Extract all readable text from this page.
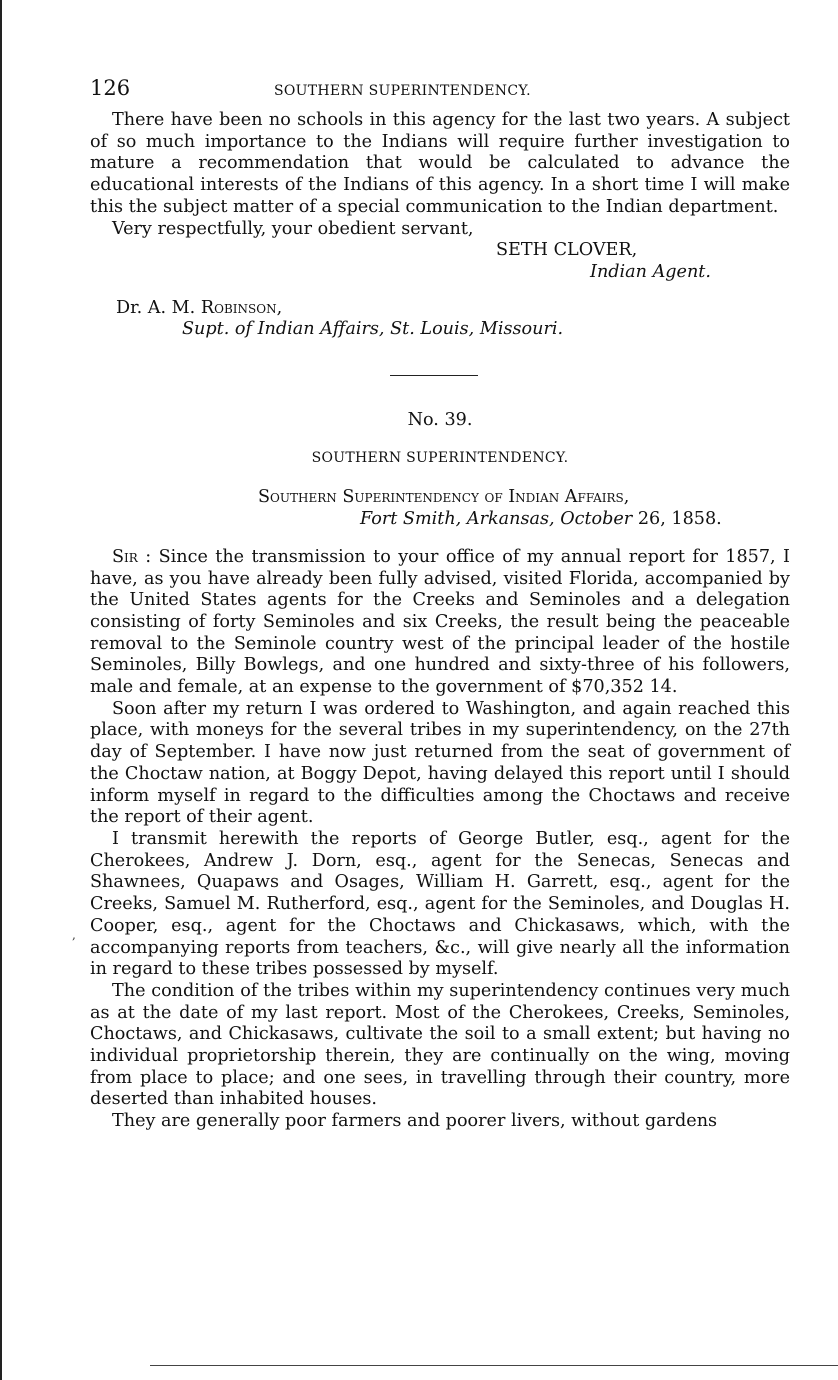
126	SOUTHERN SUPERINTENDENCY.

There have been no schools in this agency for the last two years. A subject of so much importance to the Indians will require further investigation to mature a recommendation that would be calculated to advance the educational interests of the Indians of this agency. In a short time I will make this the subject matter of a special communication to the Indian department.

Very respectfully, your obedient servant,

SETH CLOVER,
Indian Agent.
Dr. A. M. Robinson,
Supt. of Indian Affairs, St. Louis, Missouri.
No. 39.
SOUTHERN SUPERINTENDENCY.
Southern Superintendency of Indian Affairs,
Fort Smith, Arkansas, October 26, 1858.

Sir : Since the transmission to your office of my annual report for 1857, I have, as you have already been fully advised, visited Florida, accompanied by the United States agents for the Creeks and Seminoles and a delegation consisting of forty Seminoles and six Creeks, the result being the peaceable removal to the Seminole country west of the principal leader of the hostile Seminoles, Billy Bowlegs, and one hundred and sixty-three of his followers, male and female, at an expense to the government of $70,352 14.

Soon after my return I was ordered to Washington, and again reached this place, with moneys for the several tribes in my superintendency, on the 27th day of September. I have now just returned from the seat of government of the Choctaw nation, at Boggy Depot, having delayed this report until I should inform myself in regard to the difficulties among the Choctaws and receive the report of their agent.

I transmit herewith the reports of George Butler, esq., agent for the Cherokees, Andrew J. Dorn, esq., agent for the Senecas, Senecas and Shawnees, Quapaws and Osages, William H. Garrett, esq., agent for the Creeks, Samuel M. Rutherford, esq., agent for the Seminoles, and Douglas H. Cooper, esq., agent for the Choctaws and Chickasaws, which, with the accompanying reports from teachers, &c., will give nearly all the information in regard to these tribes possessed by myself.

The condition of the tribes within my superintendency continues very much as at the date of my last report. Most of the Cherokees, Creeks, Seminoles, Choctaws, and Chickasaws, cultivate the soil to a small extent; but having no individual proprietorship therein, they are continually on the wing, moving from place to place; and one sees, in travelling through their country, more deserted than inhabited houses.

They are generally poor farmers and poorer livers, without gardens

,
